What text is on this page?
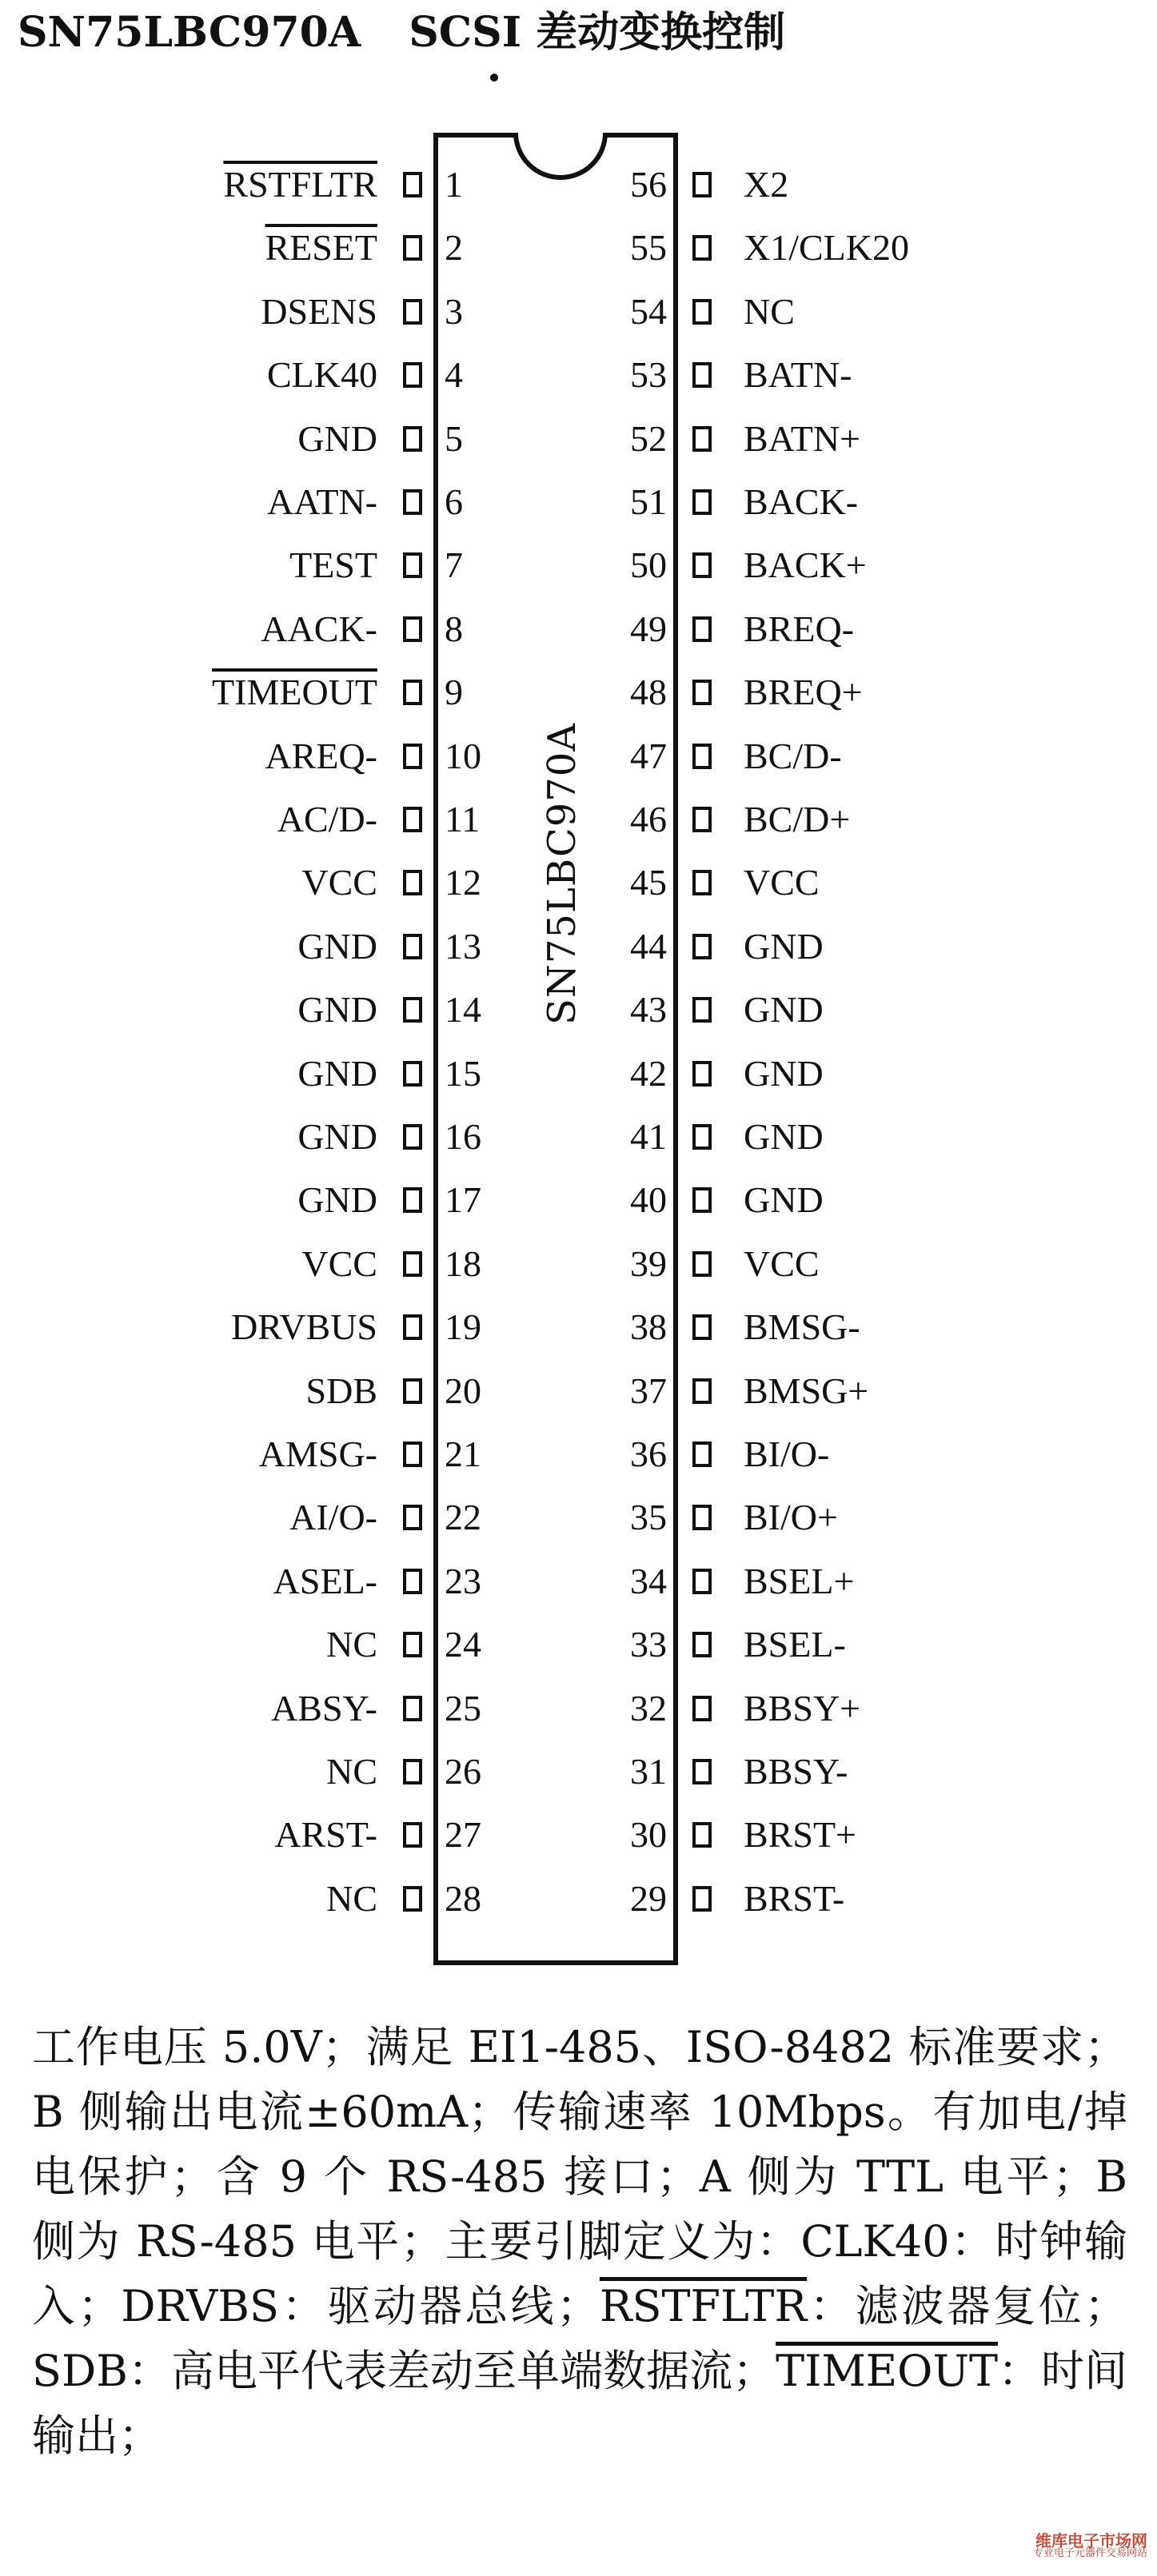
SN75LBC970A SCSI 差动变换控制
SN75LBC970A
RSTFLTR 1
RESET 2
DSENS 3
CLK40 4
GND 5
AATN- 6
TEST 7
AACK- 8
TIMEOUT 9
AREQ- 10
AC/D- 11
VCC 12
GND 13
GND 14
GND 15
GND 16
GND 17
VCC 18
DRVBUS 19
SDB 20
AMSG- 21
AI/O- 22
ASEL- 23
NC 24
ABSY- 25
NC 26
ARST- 27
NC 28
X2
56
X1/CLK20
55
NC
54
BATN-
53
BATN+
52
BACK-
51
BACK+
50
BREQ-
49
BREQ+
48
BC/D-
47
BC/D+
46
VCC
45
GND
44
GND
43
GND
42
GND
41
GND
40
VCC
39
BMSG-
38
BMSG+
37
BI/O-
36
BI/O+
35
BSEL+
34
BSEL-
33
BBSY+
32
BBSY-
31
BRST+
30
BRST-
29
工作电压 5.0V；满足 EI1-485、ISO-8482 标准要求；B 侧输出电流±60mA；传输速率 10Mbps。有加电/掉电保护；含 9 个 RS-485 接口；A 侧为 TTL 电平；B 侧为 RS-485 电平；主要引脚定义为：CLK40：时钟输入；DRVBS：驱动器总线；RSTFLTR：滤波器复位；SDB：高电平代表差动至单端数据流；TIMEOUT：时间输出；
维库电子市场网
专业电子元器件交易网站
